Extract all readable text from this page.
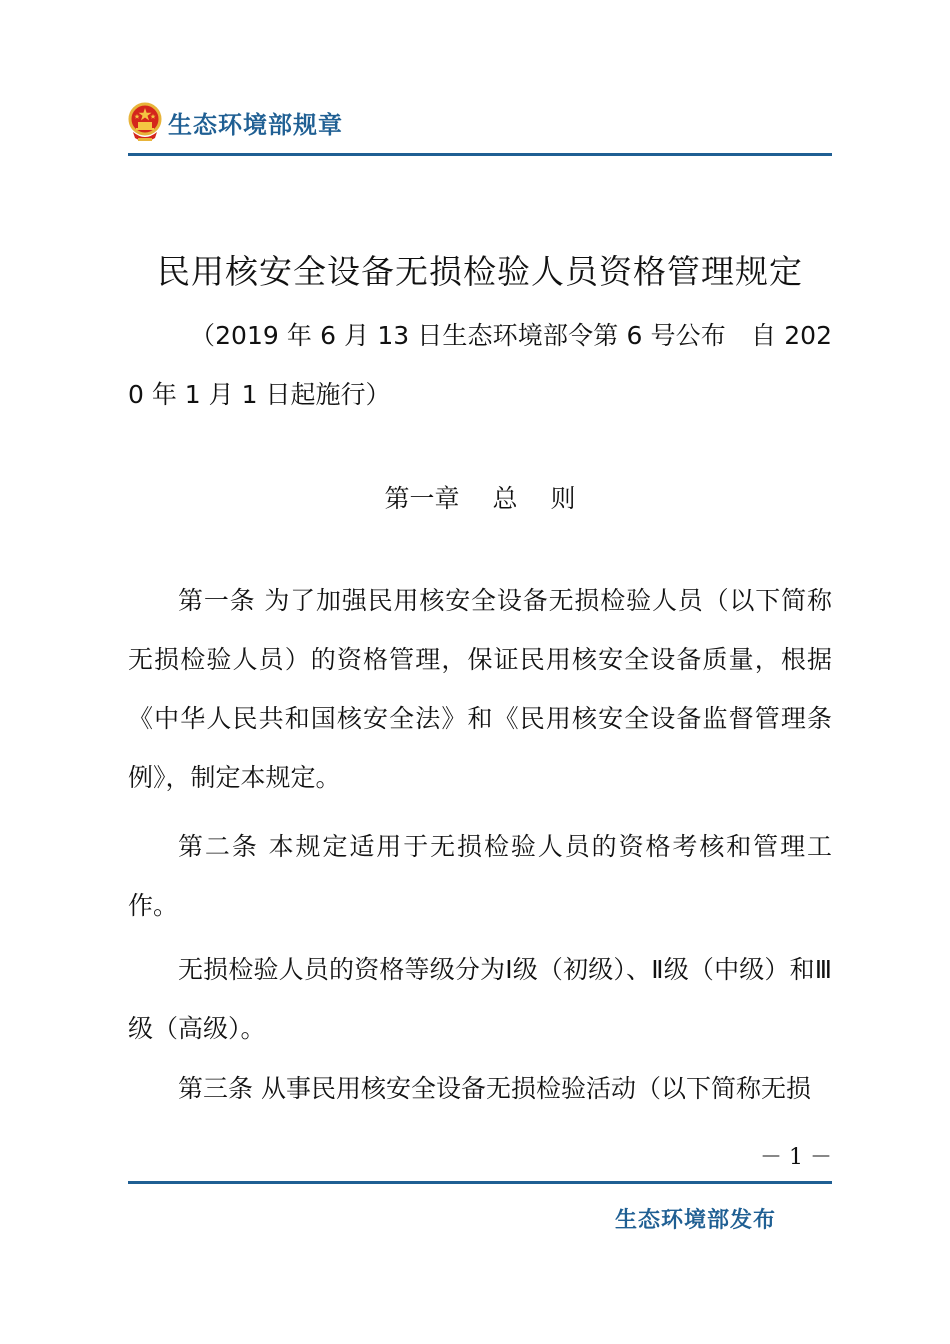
生态环境部规章
民用核安全设备无损检验人员资格管理规定
（2019 年 6 月 13 日生态环境部令第 6 号公布　自 2020 年 1 月 1 日起施行）
第一章　 总　 则
第一条 为了加强民用核安全设备无损检验人员（以下简称无损检验人员）的资格管理，保证民用核安全设备质量，根据《中华人民共和国核安全法》和《民用核安全设备监督管理条例》，制定本规定。
第二条 本规定适用于无损检验人员的资格考核和管理工作。
无损检验人员的资格等级分为Ⅰ级（初级）、Ⅱ级（中级）和Ⅲ级（高级）。
第三条 从事民用核安全设备无损检验活动（以下简称无损
－ 1 －
生态环境部发布
